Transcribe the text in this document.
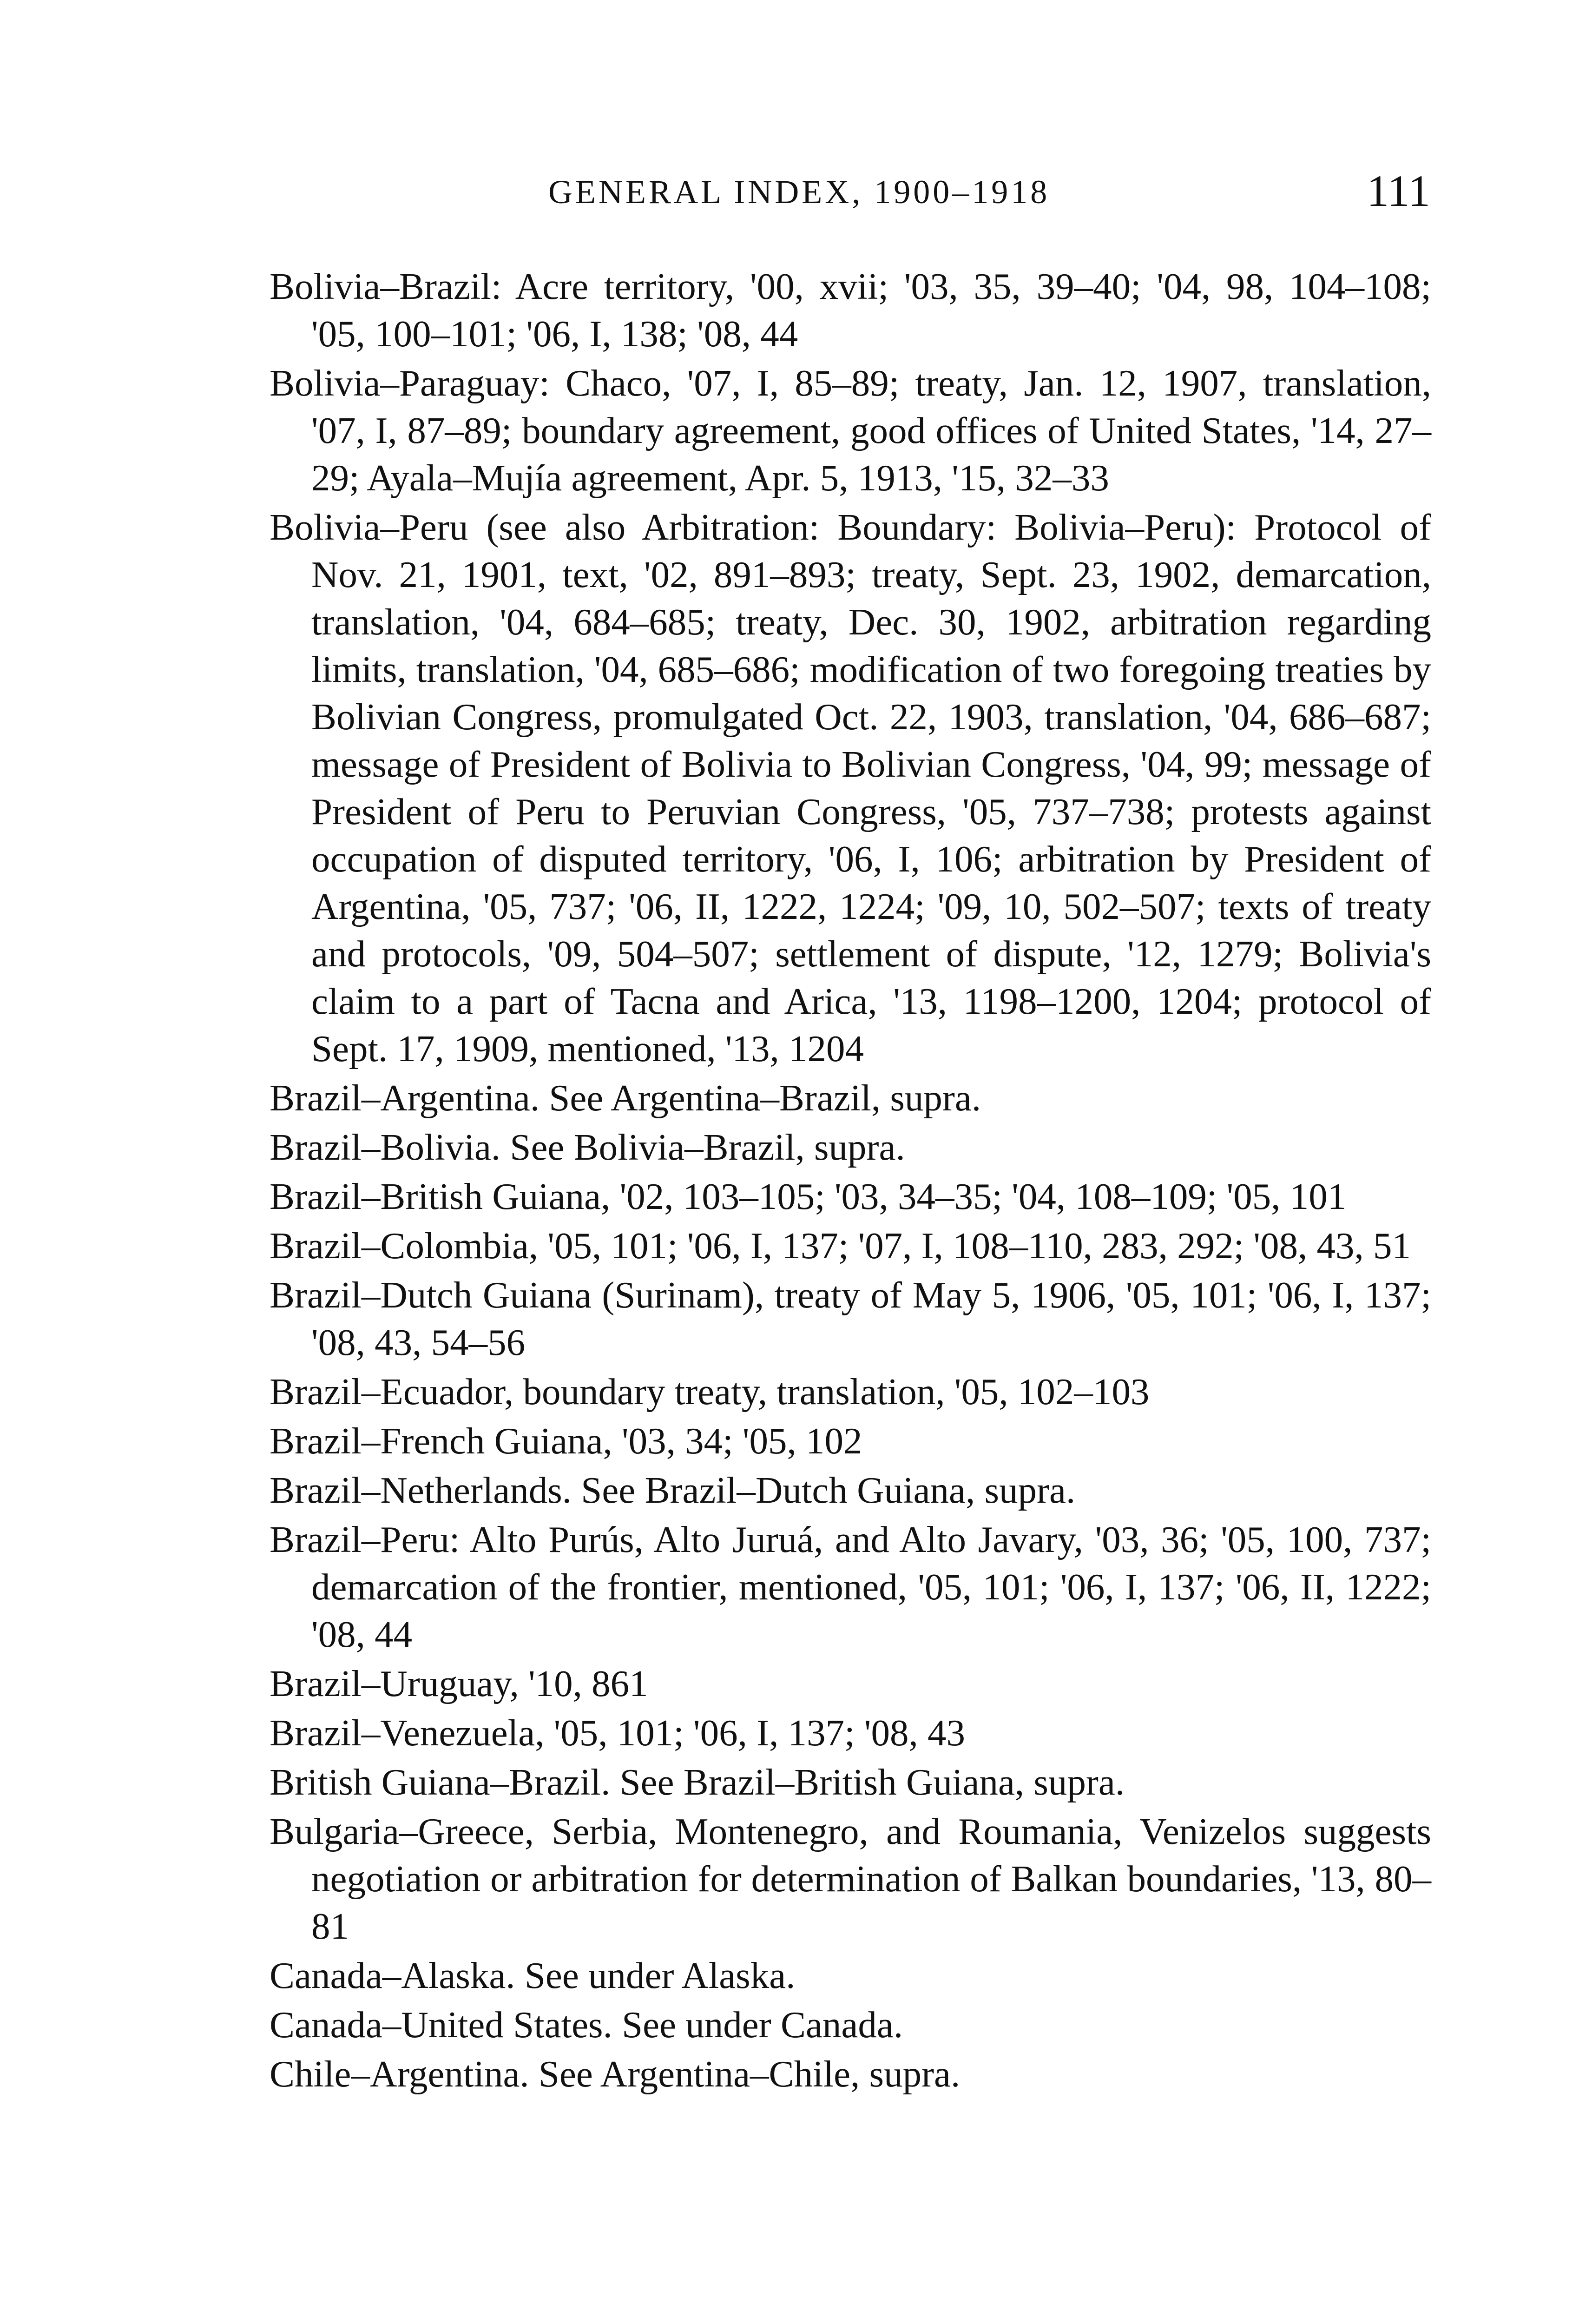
GENERAL INDEX, 1900–1918	111

Bolivia–Brazil: Acre territory, '00, xvii; '03, 35, 39–40; '04, 98, 104–108; '05, 100–101; '06, I, 138; '08, 44

Bolivia–Paraguay: Chaco, '07, I, 85–89; treaty, Jan. 12, 1907, translation, '07, I, 87–89; boundary agreement, good offices of United States, '14, 27–29; Ayala–Mujía agreement, Apr. 5, 1913, '15, 32–33

Bolivia–Peru (see also Arbitration: Boundary: Bolivia–Peru): Protocol of Nov. 21, 1901, text, '02, 891–893; treaty, Sept. 23, 1902, demarcation, translation, '04, 684–685; treaty, Dec. 30, 1902, arbitration regarding limits, translation, '04, 685–686; modification of two foregoing treaties by Bolivian Congress, promulgated Oct. 22, 1903, translation, '04, 686–687; message of President of Bolivia to Bolivian Congress, '04, 99; message of President of Peru to Peruvian Congress, '05, 737–738; protests against occupation of disputed territory, '06, I, 106; arbitration by President of Argentina, '05, 737; '06, II, 1222, 1224; '09, 10, 502–507; texts of treaty and protocols, '09, 504–507; settlement of dispute, '12, 1279; Bolivia's claim to a part of Tacna and Arica, '13, 1198–1200, 1204; protocol of Sept. 17, 1909, mentioned, '13, 1204

Brazil–Argentina. See Argentina–Brazil, supra.

Brazil–Bolivia. See Bolivia–Brazil, supra.

Brazil–British Guiana, '02, 103–105; '03, 34–35; '04, 108–109; '05, 101

Brazil–Colombia, '05, 101; '06, I, 137; '07, I, 108–110, 283, 292; '08, 43, 51

Brazil–Dutch Guiana (Surinam), treaty of May 5, 1906, '05, 101; '06, I, 137; '08, 43, 54–56

Brazil–Ecuador, boundary treaty, translation, '05, 102–103

Brazil–French Guiana, '03, 34; '05, 102

Brazil–Netherlands. See Brazil–Dutch Guiana, supra.

Brazil–Peru: Alto Purús, Alto Juruá, and Alto Javary, '03, 36; '05, 100, 737; demarcation of the frontier, mentioned, '05, 101; '06, I, 137; '06, II, 1222; '08, 44

Brazil–Uruguay, '10, 861

Brazil–Venezuela, '05, 101; '06, I, 137; '08, 43

British Guiana–Brazil. See Brazil–British Guiana, supra.

Bulgaria–Greece, Serbia, Montenegro, and Roumania, Venizelos suggests negotiation or arbitration for determination of Balkan boundaries, '13, 80–81

Canada–Alaska. See under Alaska.

Canada–United States. See under Canada.

Chile–Argentina. See Argentina–Chile, supra.
